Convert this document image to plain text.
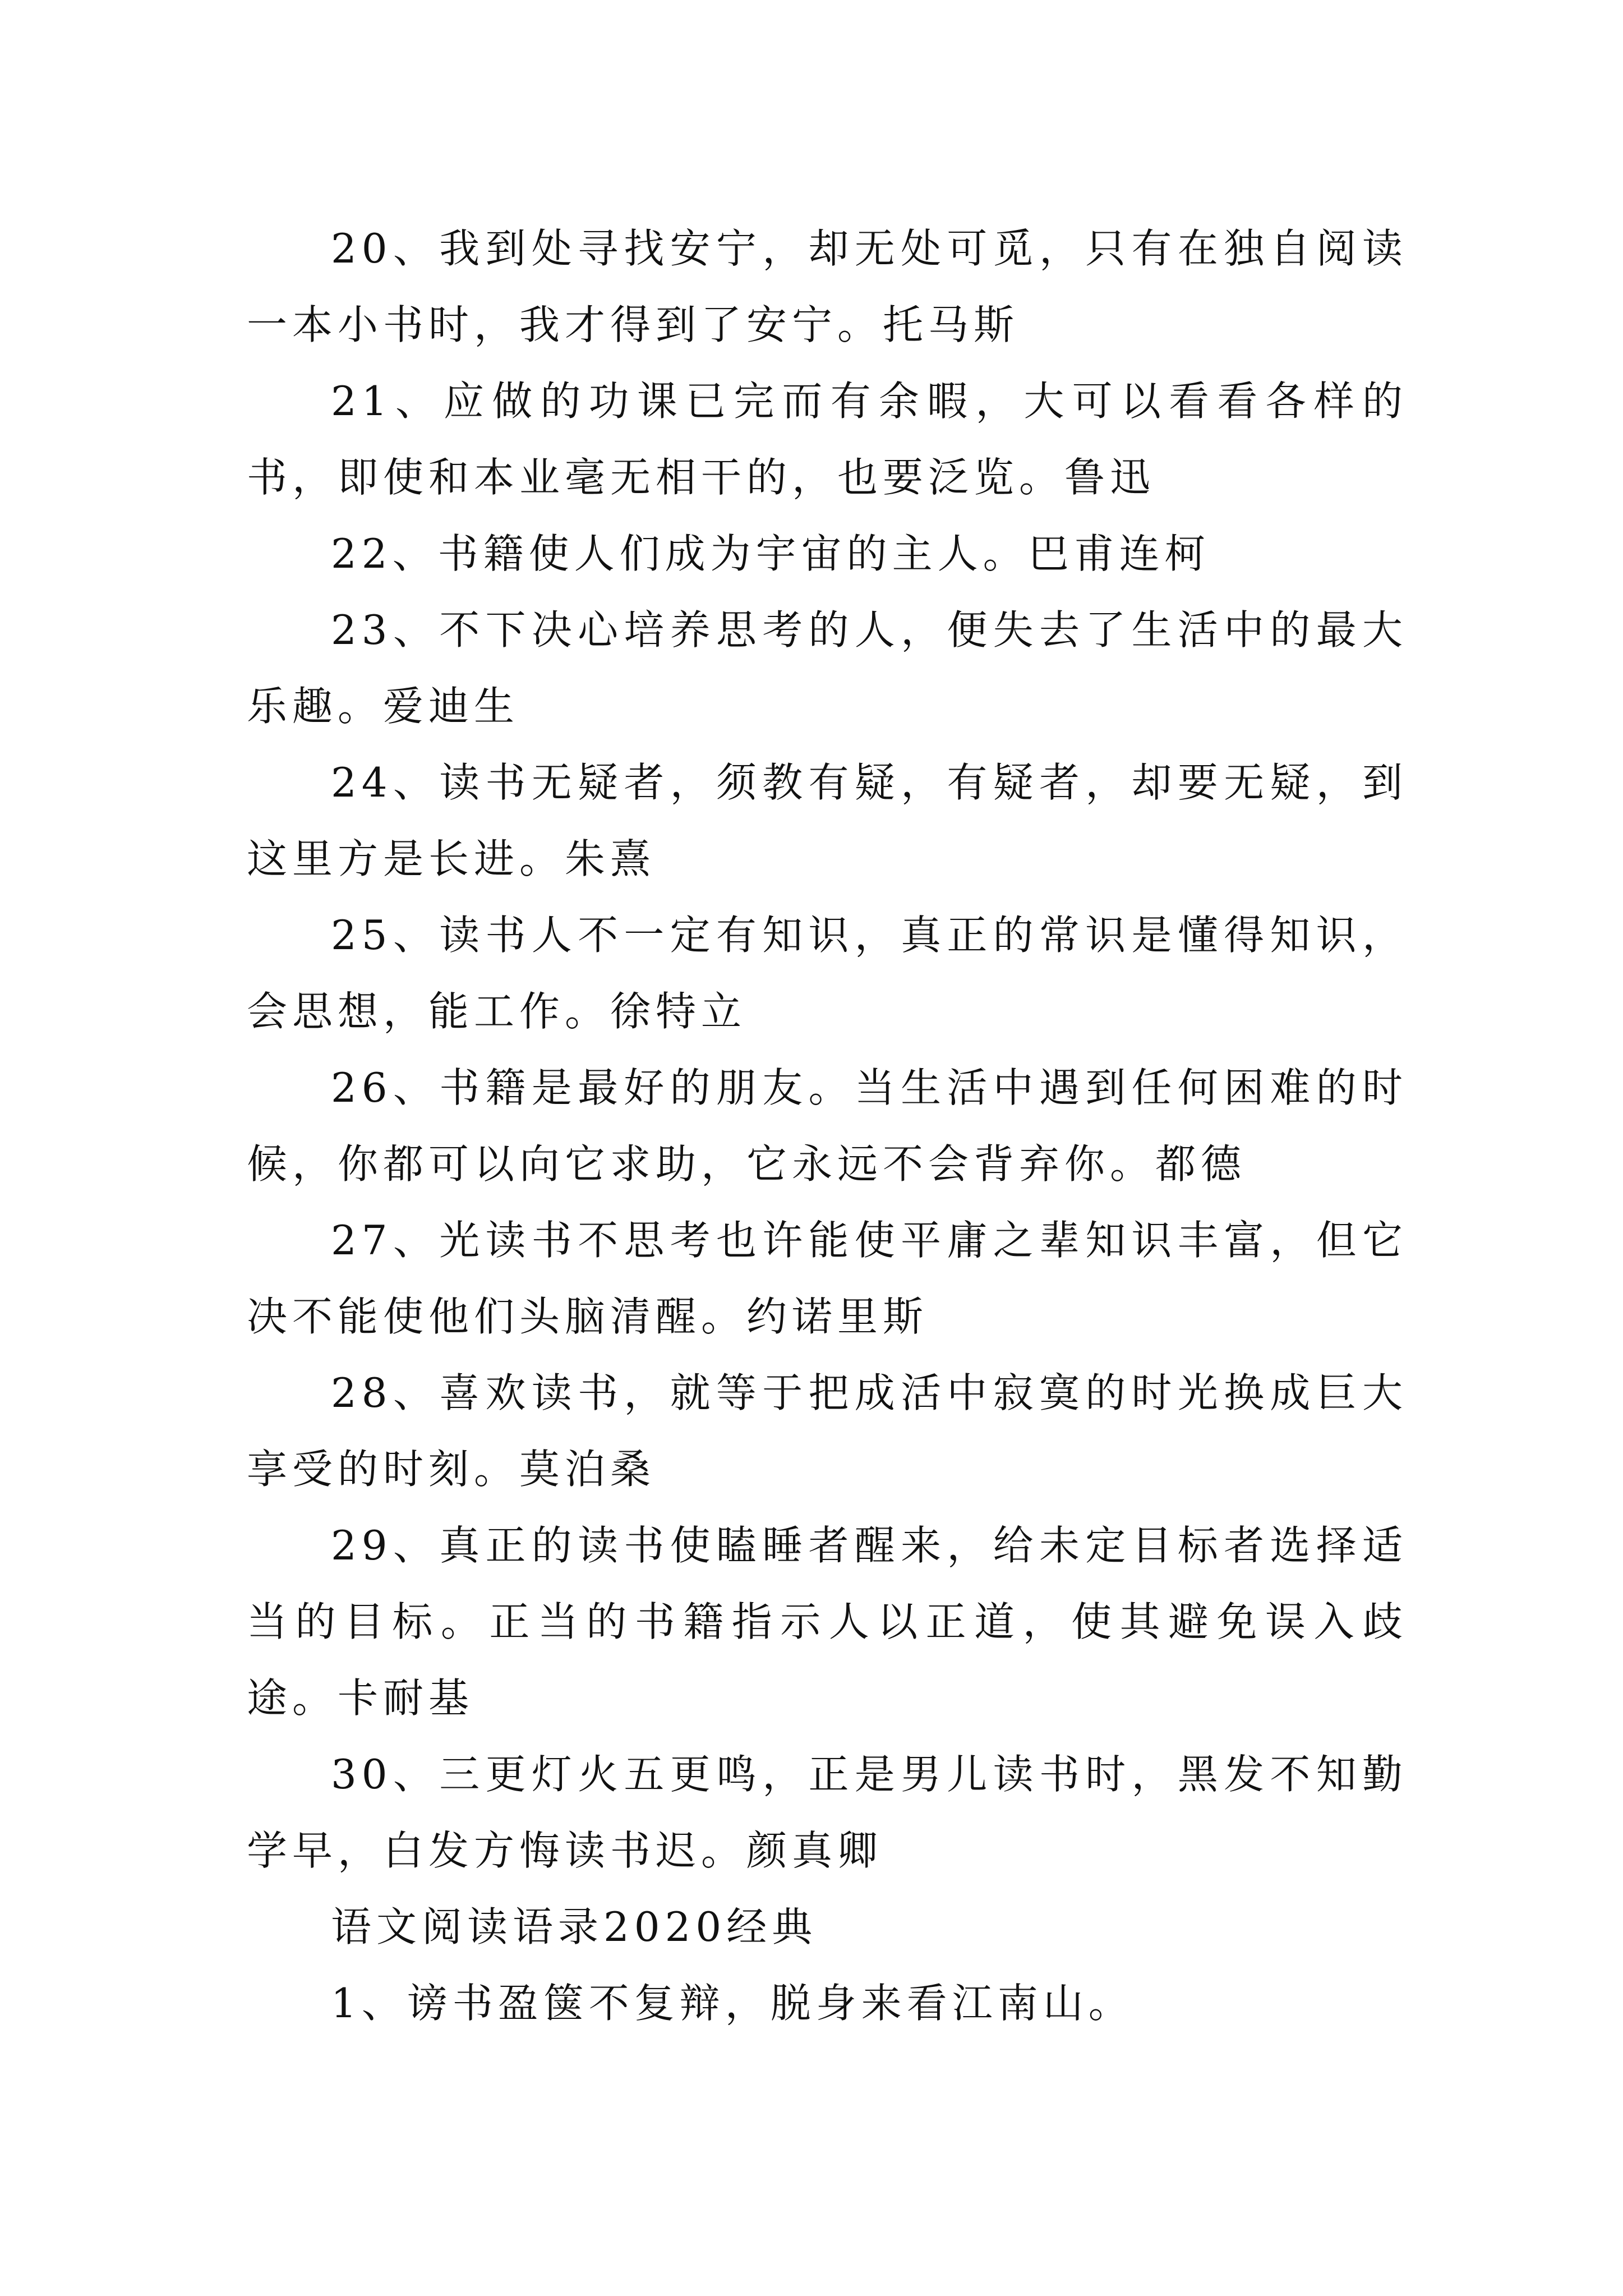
20、我到处寻找安宁，却无处可觅，只有在独自阅读一本小书时，我才得到了安宁。托马斯

21、应做的功课已完而有余暇，大可以看看各样的书，即使和本业毫无相干的，也要泛览。鲁迅

22、书籍使人们成为宇宙的主人。巴甫连柯

23、不下决心培养思考的人，便失去了生活中的最大乐趣。爱迪生

24、读书无疑者，须教有疑，有疑者，却要无疑，到这里方是长进。朱熹

25、读书人不一定有知识，真正的常识是懂得知识，会思想，能工作。徐特立

26、书籍是最好的朋友。当生活中遇到任何困难的时候，你都可以向它求助，它永远不会背弃你。都德

27、光读书不思考也许能使平庸之辈知识丰富，但它决不能使他们头脑清醒。约诺里斯

28、喜欢读书，就等于把成活中寂寞的时光换成巨大享受的时刻。莫泊桑

29、真正的读书使瞌睡者醒来，给未定目标者选择适当的目标。正当的书籍指示人以正道，使其避免误入歧途。卡耐基

30、三更灯火五更鸣，正是男儿读书时，黑发不知勤学早，白发方悔读书迟。颜真卿

语文阅读语录2020经典

1、谤书盈箧不复辩，脱身来看江南山。
